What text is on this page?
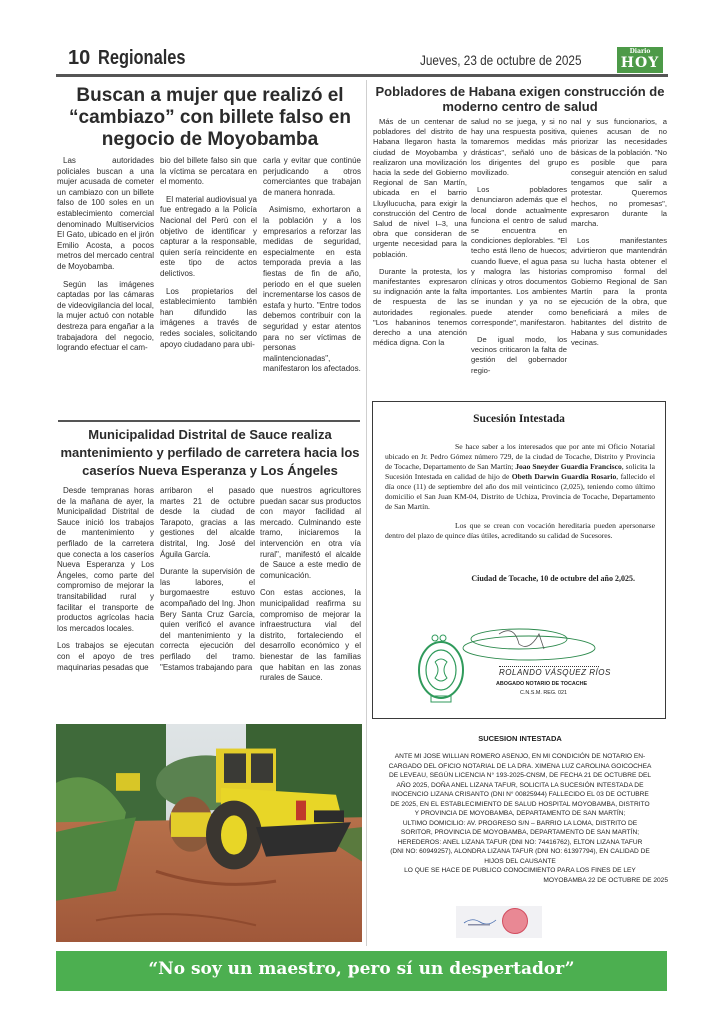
10 Regionales	Jueves, 23 de octubre de 2025
Diario
HOY
Buscan a mujer que realizó el “cambiazo” con billete falso en negocio de Moyobamba

Las autoridades policiales buscan a una mujer acusada de cometer un cambiazo con un billete falso de 100 soles en un establecimiento comercial denominado Multiservicios El Gato, ubicado en el jirón Emilio Acosta, a pocos metros del mercado central de Moyobamba.

Según las imágenes captadas por las cámaras de videovigilancia del local, la mujer actuó con notable destreza para engañar a la trabajadora del negocio, logrando efectuar el cam-

bio del billete falso sin que la víctima se percatara en el momento.

El material audiovisual ya fue entregado a la Policía Nacional del Perú con el objetivo de identificar y capturar a la responsable, quien sería reincidente en este tipo de actos delictivos.

Los propietarios del establecimiento también han difundido las imágenes a través de redes sociales, solicitando apoyo ciudadano para ubi-

carla y evitar que continúe perjudicando a otros comerciantes que trabajan de manera honrada.

Asimismo, exhortaron a la población y a los empresarios a reforzar las medidas de seguridad, especialmente en esta temporada previa a las fiestas de fin de año, periodo en el que suelen incrementarse los casos de estafa y hurto. "Entre todos debemos contribuir con la seguridad y estar atentos para no ser víctimas de personas malintencionadas", manifestaron los afectados.

Pobladores de Habana exigen construcción de moderno centro de salud

Más de un centenar de pobladores del distrito de Habana llegaron hasta la ciudad de Moyobamba y realizaron una movilización hacia la sede del Gobierno Regional de San Martín, ubicada en el barrio Lluyllucucha, para exigir la construcción del Centro de Salud de nivel I–3, una obra que consideran de urgente necesidad para la población.

Durante la protesta, los manifestantes expresaron su indignación ante la falta de respuesta de las autoridades regionales. "Los habaninos tenemos derecho a una atención médica digna. Con la

salud no se juega, y si no hay una respuesta positiva, tomaremos medidas más drásticas", señaló uno de los dirigentes del grupo movilizado.

Los pobladores denunciaron además que el local donde actualmente funciona el centro de salud se encuentra en condiciones deplorables. "El techo está lleno de huecos; cuando llueve, el agua pasa y malogra las historias clínicas y otros documentos importantes. Los ambientes se inundan y ya no se puede atender como corresponde", manifestaron.

De igual modo, los vecinos criticaron la falta de gestión del gobernador regio-

nal y sus funcionarios, a quienes acusan de no priorizar las necesidades básicas de la población. "No es posible que para conseguir atención en salud tengamos que salir a protestar. Queremos hechos, no promesas", expresaron durante la marcha.

Los manifestantes advirtieron que mantendrán su lucha hasta obtener el compromiso formal del Gobierno Regional de San Martín para la pronta ejecución de la obra, que beneficiará a miles de habitantes del distrito de Habana y sus comunidades vecinas.

Municipalidad Distrital de Sauce realiza mantenimiento y perfilado de carretera hacia los caseríos Nueva Esperanza y Los Ángeles

Desde tempranas horas de la mañana de ayer, la Municipalidad Distrital de Sauce inició los trabajos de mantenimiento y perfilado de la carretera que conecta a los caseríos Nueva Esperanza y Los Ángeles, como parte del compromiso de mejorar la transitabilidad rural y facilitar el transporte de productos agrícolas hacia los mercados locales.

Los trabajos se ejecutan con el apoyo de tres maquinarias pesadas que

arribaron el pasado martes 21 de octubre desde la ciudad de Tarapoto, gracias a las gestiones del alcalde distrital, Ing. José del Águila García.

Durante la supervisión de las labores, el burgomaestre estuvo acompañado del Ing. Jhon Bery Santa Cruz García, quien verificó el avance del mantenimiento y la correcta ejecución del perfilado del tramo. "Estamos trabajando para

que nuestros agricultores puedan sacar sus productos con mayor facilidad al mercado. Culminando este tramo, iniciaremos la intervención en otra vía rural", manifestó el alcalde de Sauce a este medio de comunicación.

Con estas acciones, la municipalidad reafirma su compromiso de mejorar la infraestructura vial del distrito, fortaleciendo el desarrollo económico y el bienestar de las familias que habitan en las zonas rurales de Sauce.

Sucesión Intestada

Se hace saber a los interesados que por ante mi Oficio Notarial ubicado en Jr. Pedro Gómez número 729, de la ciudad de Tocache, Distrito y Provincia de Tocache, Departamento de San Martín; Joao Sneyder Guardia Francisco, solicita la Sucesión Intestada en calidad de hijo de Obeth Darwin Guardia Rosario, fallecido el día once (11) de septiembre del año dos mil veinticinco (2,025), teniendo como último domicilio el San Juan KM-04, Distrito de Uchiza, Provincia de Tocache, Departamento de San Martín.

Los que se crean con vocación hereditaria pueden apersonarse dentro del plazo de quince días útiles, acreditando su calidad de Sucesores.

Ciudad de Tocache, 10 de octubre del año 2,025.
ROLANDO VÁSQUEZ RÍOS
ABOGADO NOTARIO DE TOCACHE
C.N.S.M. REG. 021
SUCESION INTESTADA
ANTE MI JOSE WILLIAN ROMERO ASENJO, EN MI CONDICIÓN DE NOTARIO EN-
CARGADO DEL OFICIO NOTARIAL DE LA DRA. XIMENA LUZ CAROLINA GOICOCHEA
DE LEVEAU, SEGÚN LICENCIA N° 193-2025-CNSM, DE FECHA 21 DE OCTUBRE DEL
AÑO 2025, DOÑA ANEL LIZANA TAFUR, SOLICITA LA SUCESIÓN INTESTADA DE
INOCENCIO LIZANA CRISANTO (DNI N° 00825944) FALLECIDO EL 03 DE OCTUBRE
DE 2025, EN EL ESTABLECIMIENTO DE SALUD HOSPITAL MOYOBAMBA, DISTRITO
Y PROVINCIA DE MOYOBAMBA, DEPARTAMENTO DE SAN MARTÍN;
ULTIMO DOMICILIO: AV. PROGRESO S/N – BARRIO LA LOMA, DISTRITO DE
SORITOR, PROVINCIA DE MOYOBAMBA, DEPARTAMENTO DE SAN MARTÍN;
HEREDEROS: ANEL LIZANA TAFUR (DNI NO: 74416762), ELTON LIZANA TAFUR
(DNI NO: 60949257), ALONDRA LIZANA TAFUR (DNI NO: 61397794), EN CALIDAD DE
HIJOS DEL CAUSANTE
LO QUE SE HACE DE PUBLICO CONOCIMIENTO PARA LOS FINES DE LEY
MOYOBAMBA 22 DE OCTUBRE DE 2025
“No soy un maestro, pero sí un despertador”
